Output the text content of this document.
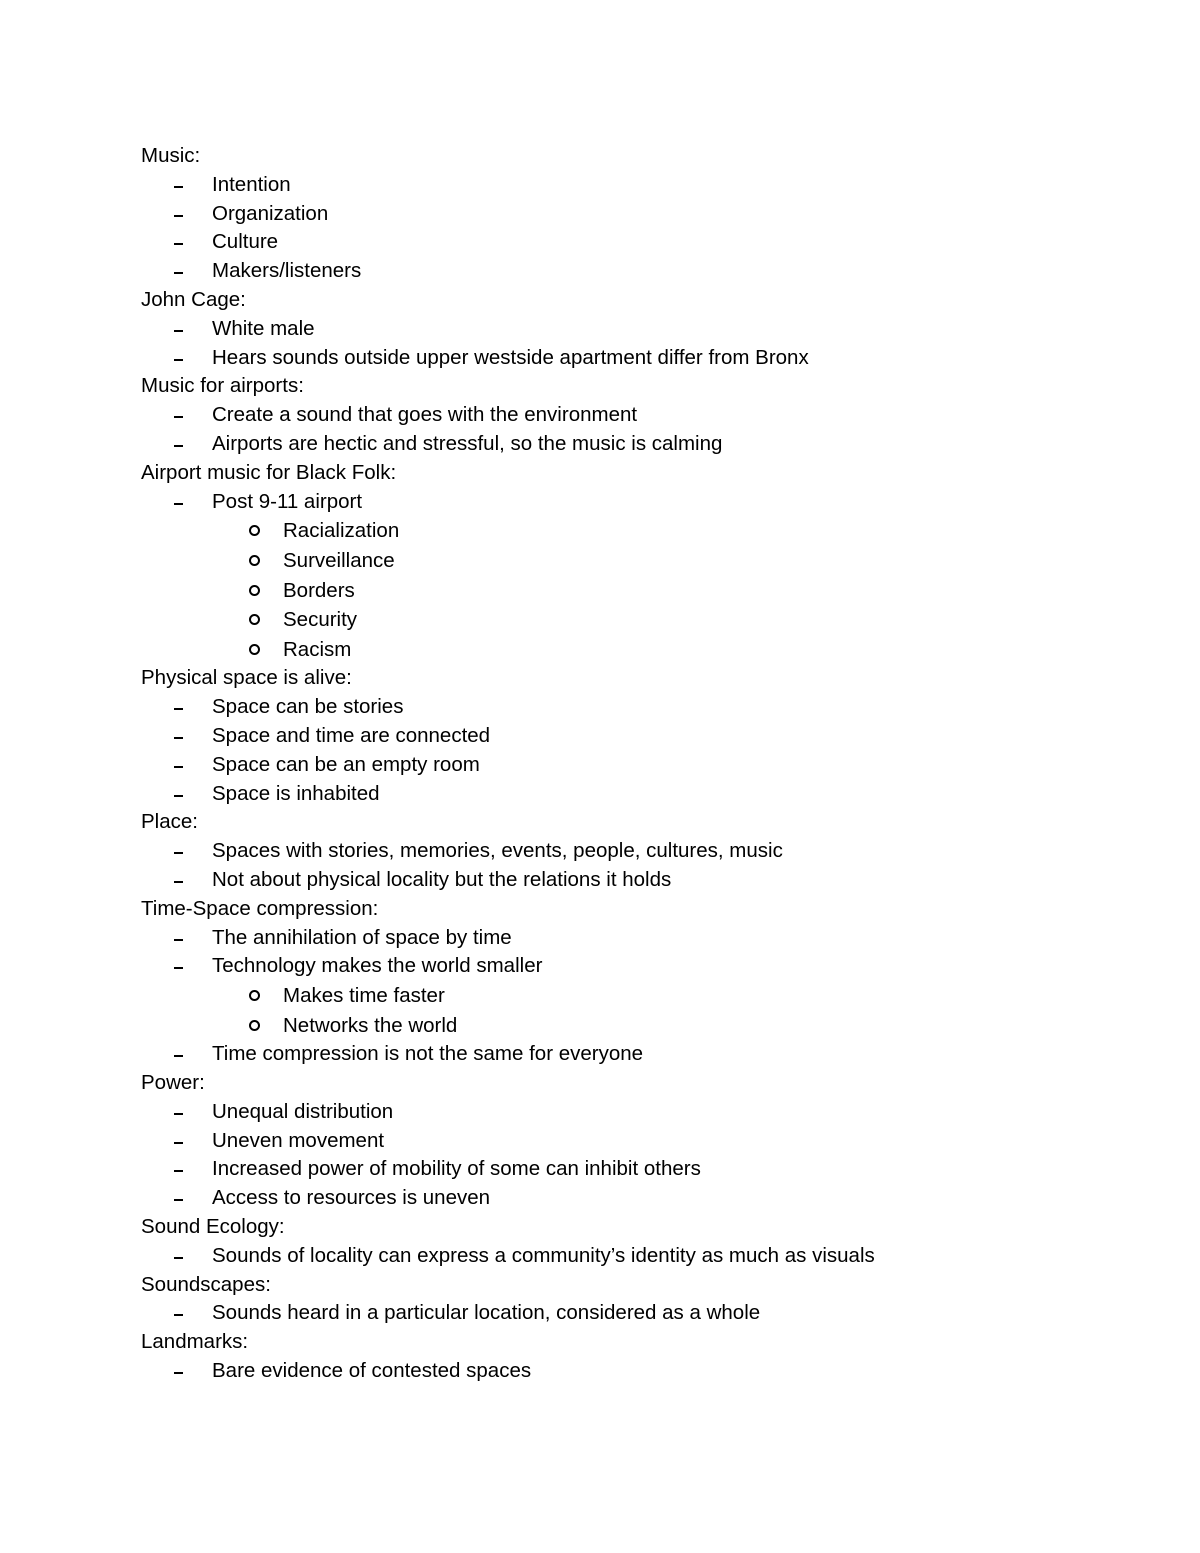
Music:
Intention
Organization
Culture
Makers/listeners
John Cage:
White male
Hears sounds outside upper westside apartment differ from Bronx
Music for airports:
Create a sound that goes with the environment
Airports are hectic and stressful, so the music is calming
Airport music for Black Folk:
Post 9-11 airport
Racialization
Surveillance
Borders
Security
Racism
Physical space is alive:
Space can be stories
Space and time are connected
Space can be an empty room
Space is inhabited
Place:
Spaces with stories, memories, events, people, cultures, music
Not about physical locality but the relations it holds
Time-Space compression:
The annihilation of space by time
Technology makes the world smaller
Makes time faster
Networks the world
Time compression is not the same for everyone
Power:
Unequal distribution
Uneven movement
Increased power of mobility of some can inhibit others
Access to resources is uneven
Sound Ecology:
Sounds of locality can express a community’s identity as much as visuals
Soundscapes:
Sounds heard in a particular location, considered as a whole
Landmarks:
Bare evidence of contested spaces
